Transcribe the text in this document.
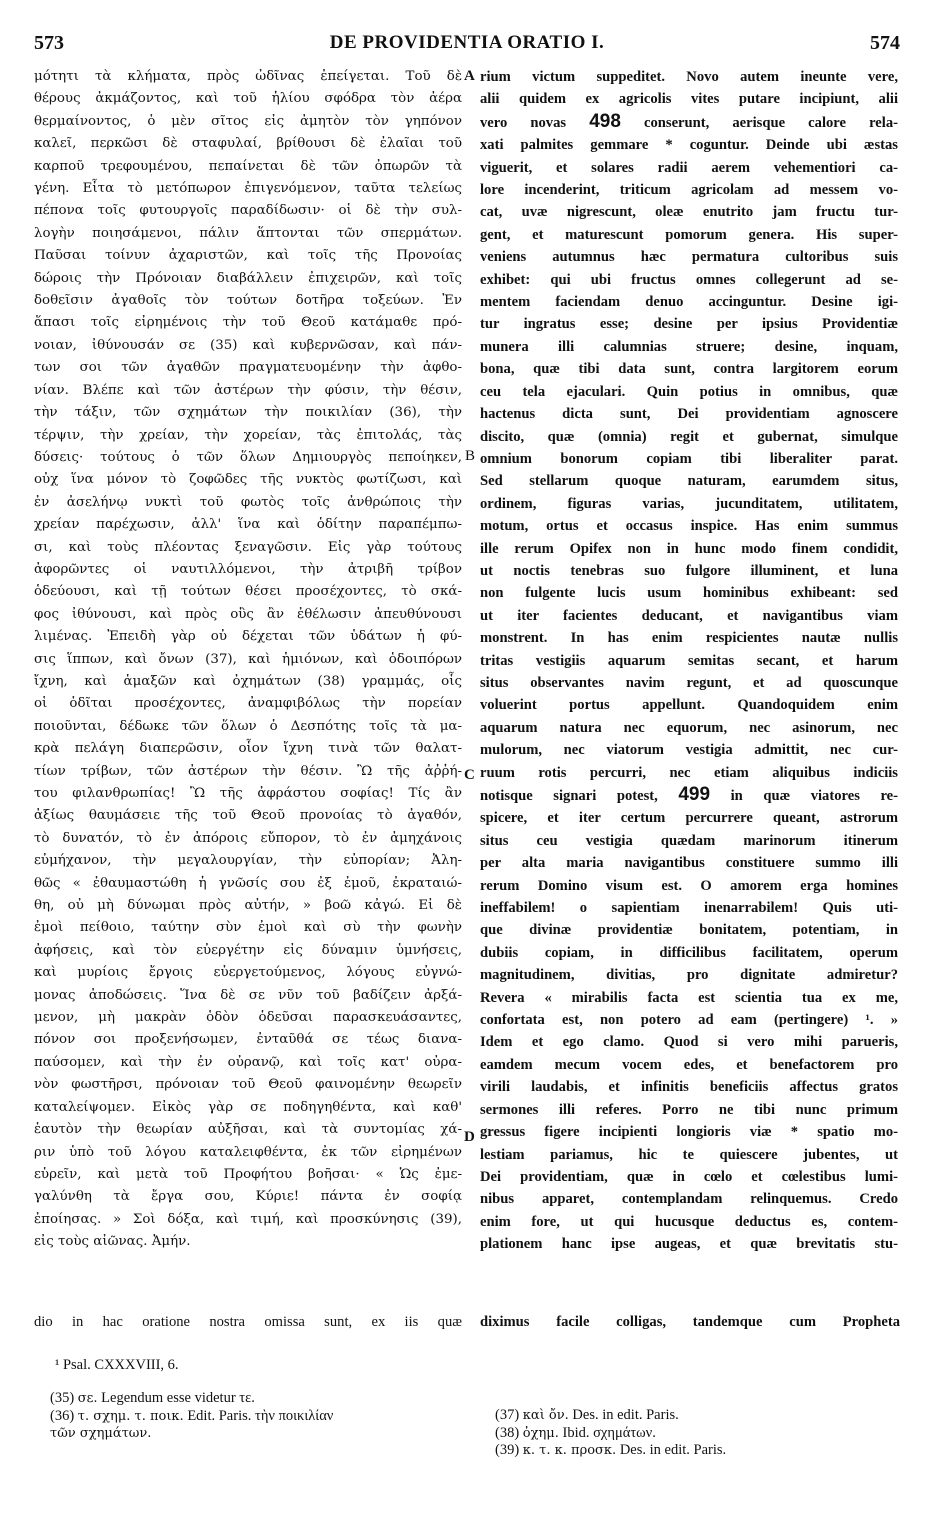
573	DE PROVIDENTIA ORATIO I.	574
A
B
C
D
μότητι τὰ κλήματα, πρὸς ὠδῖνας ἐπείγεται. Τοῦ δὲ
θέρους ἀκμάζοντος, καὶ τοῦ ἡλίου σφόδρα τὸν ἀέρα
θερμαίνοντος, ὁ μὲν σῖτος εἰς ἀμητὸν τὸν γηπόνον
καλεῖ, περκῶσι δὲ σταφυλαί, βρίθουσι δὲ ἐλαῖαι τοῦ
καρποῦ τρεφουμένου, πεπαίνεται δὲ τῶν ὀπωρῶν τὰ
γένη. Εἶτα τὸ μετόπωρον ἐπιγενόμενον, ταῦτα τελείως
πέπονα τοῖς φυτουργοῖς παραδίδωσιν· οἱ δὲ τὴν συλ-
λογὴν ποιησάμενοι, πάλιν ἅπτονται τῶν σπερμάτων.
Παῦσαι τοίνυν ἀχαριστῶν, καὶ τοῖς τῆς Προνοίας
δώροις τὴν Πρόνοιαν διαβάλλειν ἐπιχειρῶν, καὶ τοῖς
δοθεῖσιν ἀγαθοῖς τὸν τούτων δοτῆρα τοξεύων. Ἐν
ἅπασι τοῖς εἰρημένοις τὴν τοῦ Θεοῦ κατάμαθε πρό-
νοιαν, ἰθύνουσάν σε (35) καὶ κυβερνῶσαν, καὶ πάν-
των σοι τῶν ἀγαθῶν πραγματευομένην τὴν ἀφθο-
νίαν. Βλέπε καὶ τῶν ἀστέρων τὴν φύσιν, τὴν θέσιν,
τὴν τάξιν, τῶν σχημάτων τὴν ποικιλίαν (36), τὴν
τέρψιν, τὴν χρείαν, τὴν χορείαν, τὰς ἐπιτολάς, τὰς
δύσεις· τούτους ὁ τῶν ὅλων Δημιουργὸς πεποίηκεν,
οὐχ ἵνα μόνον τὸ ζοφῶδες τῆς νυκτὸς φωτίζωσι, καὶ
ἐν ἀσελήνῳ νυκτὶ τοῦ φωτὸς τοῖς ἀνθρώποις τὴν
χρείαν παρέχωσιν, ἀλλ' ἵνα καὶ ὁδίτην παραπέμπω-
σι, καὶ τοὺς πλέοντας ξεναγῶσιν. Εἰς γὰρ τούτους
ἀφορῶντες οἱ ναυτιλλόμενοι, τὴν ἀτριβῆ τρίβον
ὁδεύουσι, καὶ τῇ τούτων θέσει προσέχοντες, τὸ σκά-
φος ἰθύνουσι, καὶ πρὸς οὓς ἂν ἐθέλωσιν ἀπευθύνουσι
λιμένας. Ἐπειδὴ γὰρ οὐ δέχεται τῶν ὑδάτων ἡ φύ-
σις ἵππων, καὶ ὄνων (37), καὶ ἡμιόνων, καὶ ὁδοιπόρων
ἴχνη, καὶ ἁμαξῶν καὶ ὀχημάτων (38) γραμμάς, οἷς
οἱ ὁδῖται προσέχοντες, ἀναμφιβόλως τὴν πορείαν
ποιοῦνται, δέδωκε τῶν ὅλων ὁ Δεσπότης τοῖς τὰ μα-
κρὰ πελάγη διαπερῶσιν, οἷον ἴχνη τινὰ τῶν θαλατ-
τίων τρίβων, τῶν ἀστέρων τὴν θέσιν. Ὢ τῆς ἀῤῥή-
του φιλανθρωπίας! Ὢ τῆς ἀφράστου σοφίας! Τίς ἂν
ἀξίως θαυμάσειε τῆς τοῦ Θεοῦ προνοίας τὸ ἀγαθόν,
τὸ δυνατόν, τὸ ἐν ἀπόροις εὔπορον, τὸ ἐν ἀμηχάνοις
εὐμήχανον, τὴν μεγαλουργίαν, τὴν εὐπορίαν; Ἀλη-
θῶς « ἐθαυμαστώθη ἡ γνῶσίς σου ἐξ ἐμοῦ, ἐκραταιώ-
θη, οὐ μὴ δύνωμαι πρὸς αὐτήν, » βοῶ κἀγώ. Εἰ δὲ
ἐμοὶ πείθοιο, ταύτην σὺν ἐμοὶ καὶ σὺ τὴν φωνὴν
ἀφήσεις, καὶ τὸν εὐεργέτην εἰς δύναμιν ὑμνήσεις,
καὶ μυρίοις ἔργοις εὐεργετούμενος, λόγους εὐγνώ-
μονας ἀποδώσεις. Ἵνα δὲ σε νῦν τοῦ βαδίζειν ἀρξά-
μενον, μὴ μακρὰν ὁδὸν ὁδεῦσαι παρασκευάσαντες,
πόνον σοι προξενήσωμεν, ἐνταῦθά σε τέως διανα-
παύσομεν, καὶ τὴν ἐν οὐρανῷ, καὶ τοῖς κατ' οὐρα-
νὸν φωστῆρσι, πρόνοιαν τοῦ Θεοῦ φαινομένην θεωρεῖν
καταλείψομεν. Εἰκὸς γὰρ σε ποδηγηθέντα, καὶ καθ'
ἑαυτὸν τὴν θεωρίαν αὐξῆσαι, καὶ τὰ συντομίας χά-
ριν ὑπὸ τοῦ λόγου καταλειφθέντα, ἐκ τῶν εἰρημένων
εὑρεῖν, καὶ μετὰ τοῦ Προφήτου βοῆσαι· « Ὡς ἐμε-
γαλύνθη τὰ ἔργα σου, Κύριε! πάντα ἐν σοφίᾳ
ἐποίησας. » Σοὶ δόξα, καὶ τιμή, καὶ προσκύνησις (39),
εἰς τοὺς αἰῶνας. Ἀμήν.
rium victum suppeditet. Novo autem ineunte vere,
alii quidem ex agricolis vites putare incipiunt, alii
vero novas 498 conserunt, aerisque calore rela-
xati palmites gemmare * coguntur. Deinde ubi æstas
viguerit, et solares radii aerem vehementiori ca-
lore incenderint, triticum agricolam ad messem vo-
cat, uvæ nigrescunt, oleæ enutrito jam fructu tur-
gent, et maturescunt pomorum genera. His super-
veniens autumnus hæc permatura cultoribus suis
exhibet: qui ubi fructus omnes collegerunt ad se-
mentem faciendam denuo accinguntur. Desine igi-
tur ingratus esse; desine per ipsius Providentiæ
munera illi calumnias struere; desine, inquam,
bona, quæ tibi data sunt, contra largitorem eorum
ceu tela ejaculari. Quin potius in omnibus, quæ
hactenus dicta sunt, Dei providentiam agnoscere
discito, quæ (omnia) regit et gubernat, simulque
omnium bonorum copiam tibi liberaliter parat.
Sed stellarum quoque naturam, earumdem situs,
ordinem, figuras varias, jucunditatem, utilitatem,
motum, ortus et occasus inspice. Has enim summus
ille rerum Opifex non in hunc modo finem condidit,
ut noctis tenebras suo fulgore illuminent, et luna
non fulgente lucis usum hominibus exhibeant: sed
ut iter facientes deducant, et navigantibus viam
monstrent. In has enim respicientes nautæ nullis
tritas vestigiis aquarum semitas secant, et harum
situs observantes navim regunt, et ad quoscunque
voluerint portus appellunt. Quandoquidem enim
aquarum natura nec equorum, nec asinorum, nec
mulorum, nec viatorum vestigia admittit, nec cur-
ruum rotis percurri, nec etiam aliquibus indiciis
notisque signari potest, 499 in quæ viatores re-
spicere, et iter certum percurrere queant, astrorum
situs ceu vestigia quædam marinorum itinerum
per alta maria navigantibus constituere summo illi
rerum Domino visum est. O amorem erga homines
ineffabilem! o sapientiam inenarrabilem! Quis uti-
que divinæ providentiæ bonitatem, potentiam, in
dubiis copiam, in difficilibus facilitatem, operum
magnitudinem, divitias, pro dignitate admiretur?
Revera « mirabilis facta est scientia tua ex me,
confortata est, non potero ad eam (pertingere) ¹. »
Idem et ego clamo. Quod si vero mihi parueris,
eamdem mecum vocem edes, et benefactorem pro
virili laudabis, et infinitis beneficiis affectus gratos
sermones illi referes. Porro ne tibi nunc primum
gressus figere incipienti longioris viæ * spatio mo-
lestiam pariamus, hic te quiescere jubentes, ut
Dei providentiam, quæ in cœlo et cœlestibus lumi-
nibus apparet, contemplandam relinquemus. Credo
enim fore, ut qui hucusque deductus es, contem-
plationem hanc ipse augeas, et quæ brevitatis stu-
dio in hac oratione nostra omissa sunt, ex iis quæ diximus facile colligas, tandemque cum Propheta
¹ Psal. CXXXVIII, 6.
(35) σε. Legendum esse videtur τε.
(36) τ. σχημ. τ. ποικ. Edit. Paris. τὴν ποικιλίαν
τῶν σχημάτων.
(37) καὶ ὄν. Des. in edit. Paris.
(38) ὀχημ. Ibid. σχημάτων.
(39) κ. τ. κ. προσκ. Des. in edit. Paris.
